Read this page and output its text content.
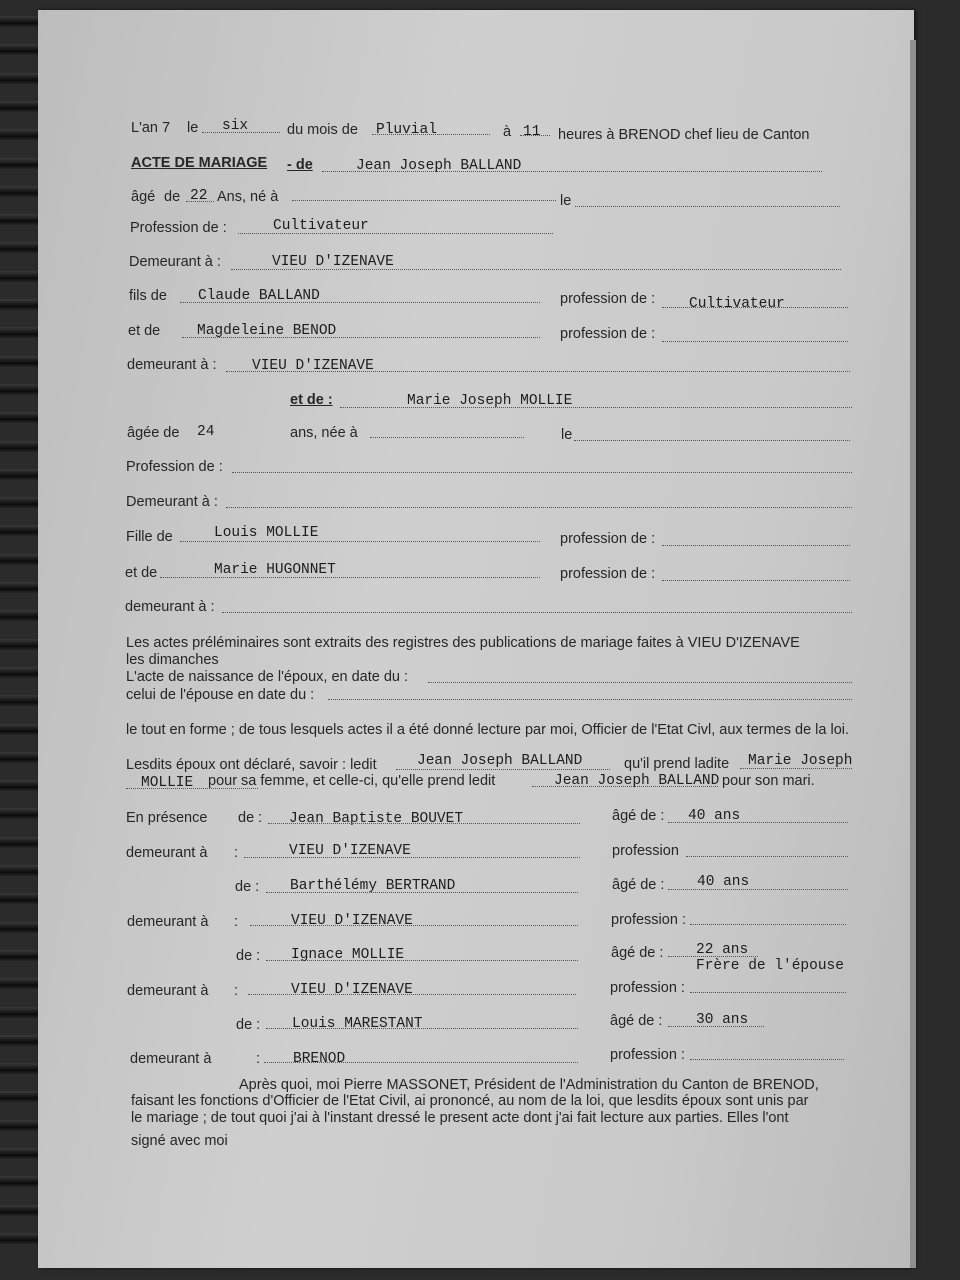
L'an 7 le six	du mois de Pluvial	à 11 heures à BRENOD chef lieu de Canton
ACTE DE MARIAGE - de	Jean Joseph BALLAND
âgé de 22 Ans, né à	le
Profession de :	Cultivateur
Demeurant à :	VIEU D'IZENAVE
fils de Claude BALLAND	profession de : Cultivateur
et de	Magdeleine BENOD	profession de :
demeurant à : VIEU D'IZENAVE
et de :	Marie Joseph MOLLIE
âgée de 24	ans, née à	le
Profession de :
Demeurant à :
Fille de	Louis MOLLIE	profession de :
et de	Marie HUGONNET	profession de :
demeurant à :
Les actes préléminaires sont extraits des registres des publications de mariage faites à VIEU D'IZENAVE
les dimanches
L'acte de naissance de l'époux, en date du :
celui de l'épouse en date du :
le tout en forme ; de tous lesquels actes il a été donné lecture par moi, Officier de l'Etat Civl, aux termes de la loi.
Lesdits époux ont déclaré, savoir : ledit	Jean Joseph BALLAND	qu'il prend ladite Marie Joseph
MOLLIE pour sa femme, et celle-ci, qu'elle prend ledit	Jean Joseph BALLAND pour son mari.
En présence de : Jean Baptiste BOUVET	âgé de : 40 ans
demeurant à :	VIEU D'IZENAVE	profession
de : Barthélémy BERTRAND	âgé de : 40 ans
demeurant à :	VIEU D'IZENAVE	profession :
de : Ignace MOLLIE	âgé de : 22 ans
Frère de l'épouse
demeurant à :	VIEU D'IZENAVE	profession :
de : Louis MARESTANT	âgé de : 30 ans
demeurant à	: BRENOD	profession :
Après quoi, moi Pierre MASSONET, Président de l'Administration du Canton de BRENOD,
faisant les fonctions d'Officier de l'Etat Civil, ai prononcé, au nom de la loi, que lesdits époux sont unis par
le mariage ; de tout quoi j'ai à l'instant dressé le present acte dont j'ai fait lecture aux parties. Elles l'ont
signé avec moi
